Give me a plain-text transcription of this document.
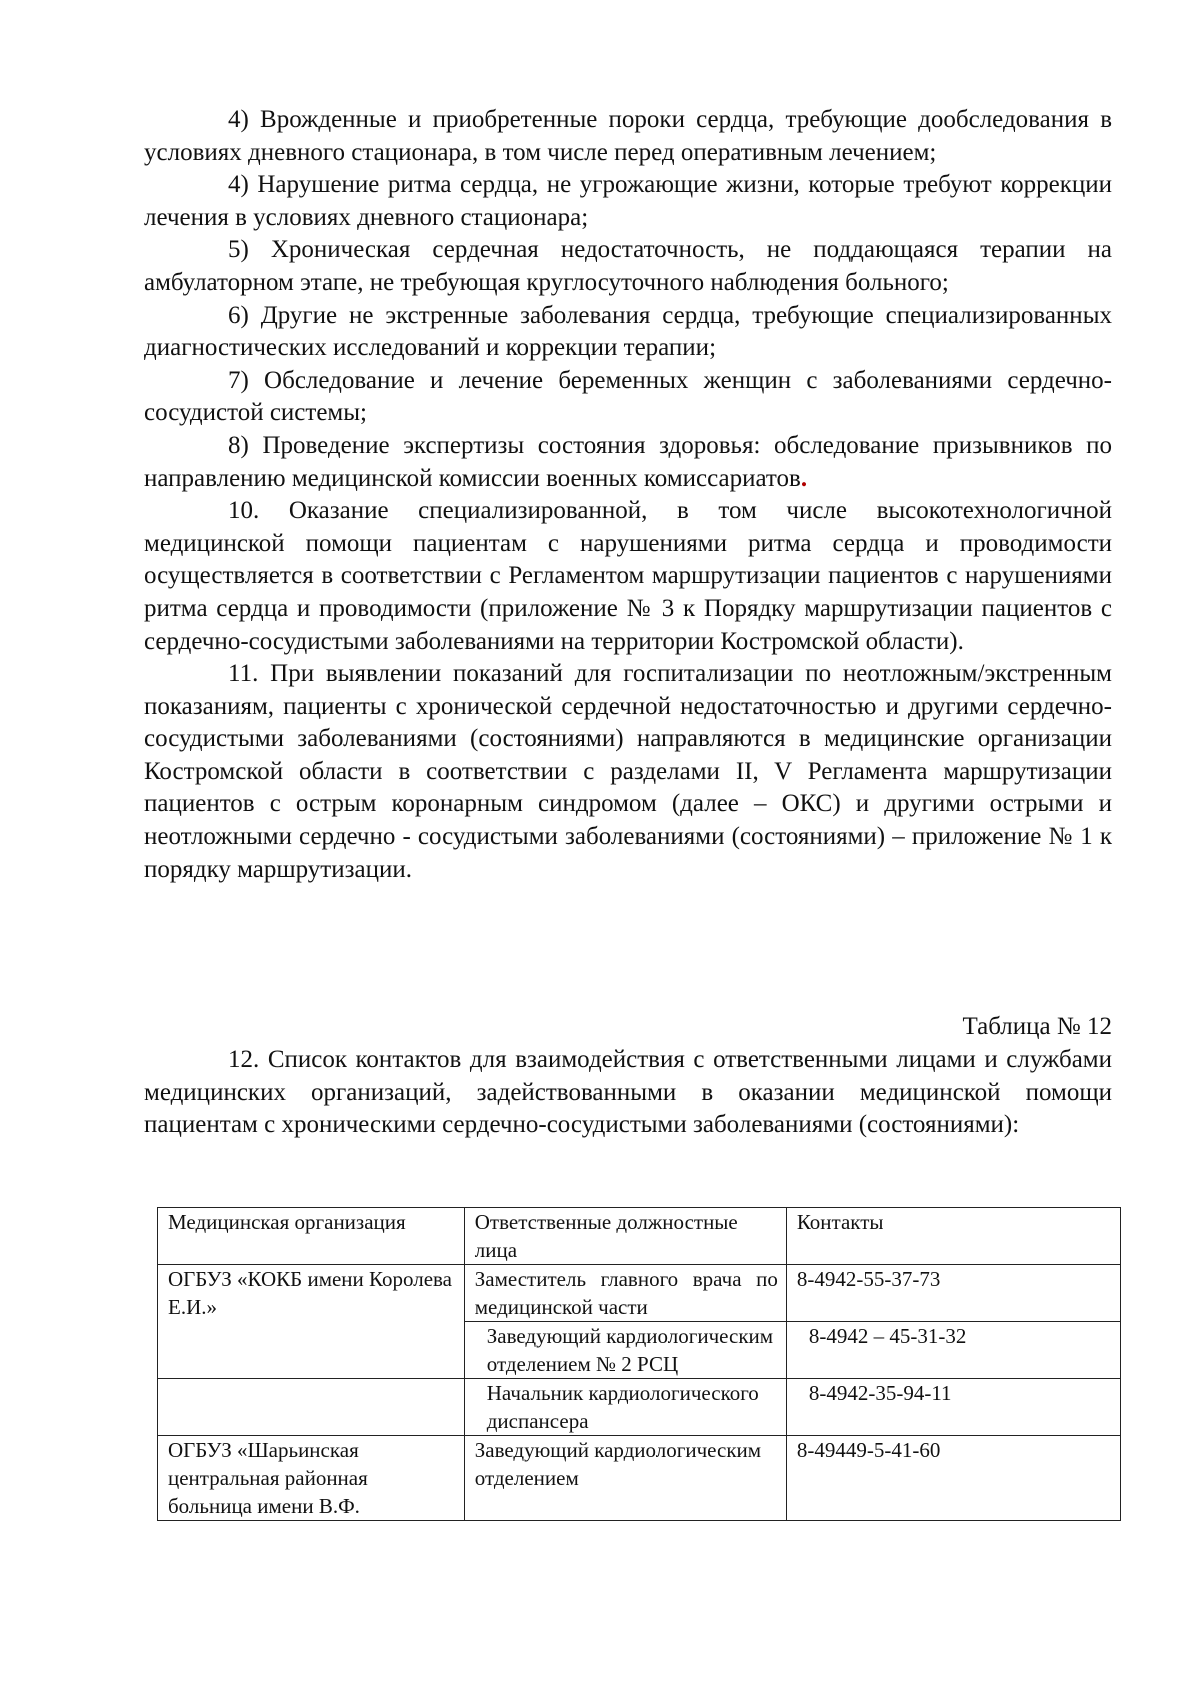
4) Врожденные и приобретенные пороки сердца, требующие дообследования в условиях дневного стационара, в том числе перед оперативным лечением;

4) Нарушение ритма сердца, не угрожающие жизни, которые требуют коррекции лечения в условиях дневного стационара;

5) Хроническая сердечная недостаточность, не поддающаяся терапии на амбулаторном этапе, не требующая круглосуточного наблюдения больного;

6) Другие не экстренные заболевания сердца, требующие специализированных диагностических исследований и коррекции терапии;

7) Обследование и лечение беременных женщин с заболеваниями сердечно-сосудистой системы;

8) Проведение экспертизы состояния здоровья: обследование призывников по направлению медицинской комиссии военных комиссариатов.

10. Оказание специализированной, в том числе высокотехнологичной медицинской помощи пациентам с нарушениями ритма сердца и проводимости осуществляется в соответствии с Регламентом маршрутизации пациентов с нарушениями ритма сердца и проводимости (приложение № 3 к Порядку маршрутизации пациентов с сердечно-сосудистыми заболеваниями на территории Костромской области).

11. При выявлении показаний для госпитализации по неотложным/экстренным показаниям, пациенты с хронической сердечной недостаточностью и другими сердечно-сосудистыми заболеваниями (состояниями) направляются в медицинские организации Костромской области в соответствии с разделами II, V Регламента маршрутизации пациентов с острым коронарным синдромом (далее – ОКС) и другими острыми и неотложными сердечно - сосудистыми заболеваниями (состояниями) – приложение № 1 к порядку маршрутизации.

Таблица № 12

12. Список контактов для взаимодействия с ответственными лицами и службами медицинских организаций, задействованными в оказании медицинской помощи пациентам с хроническими сердечно-сосудистыми заболеваниями (состояниями):

Медицинская организация	Ответственные должностные лица	Контакты
ОГБУЗ «КОКБ имени Королева Е.И.»	Заместитель главного врача по медицинской части	8-4942-55-37-73
	Заведующий кардиологическим отделением № 2 РСЦ	8-4942 – 45-31-32
	Начальник кардиологического диспансера	8-4942-35-94-11
ОГБУЗ «Шарьинская центральная районная больница имени В.Ф.	Заведующий кардиологическим отделением	8-49449-5-41-60
